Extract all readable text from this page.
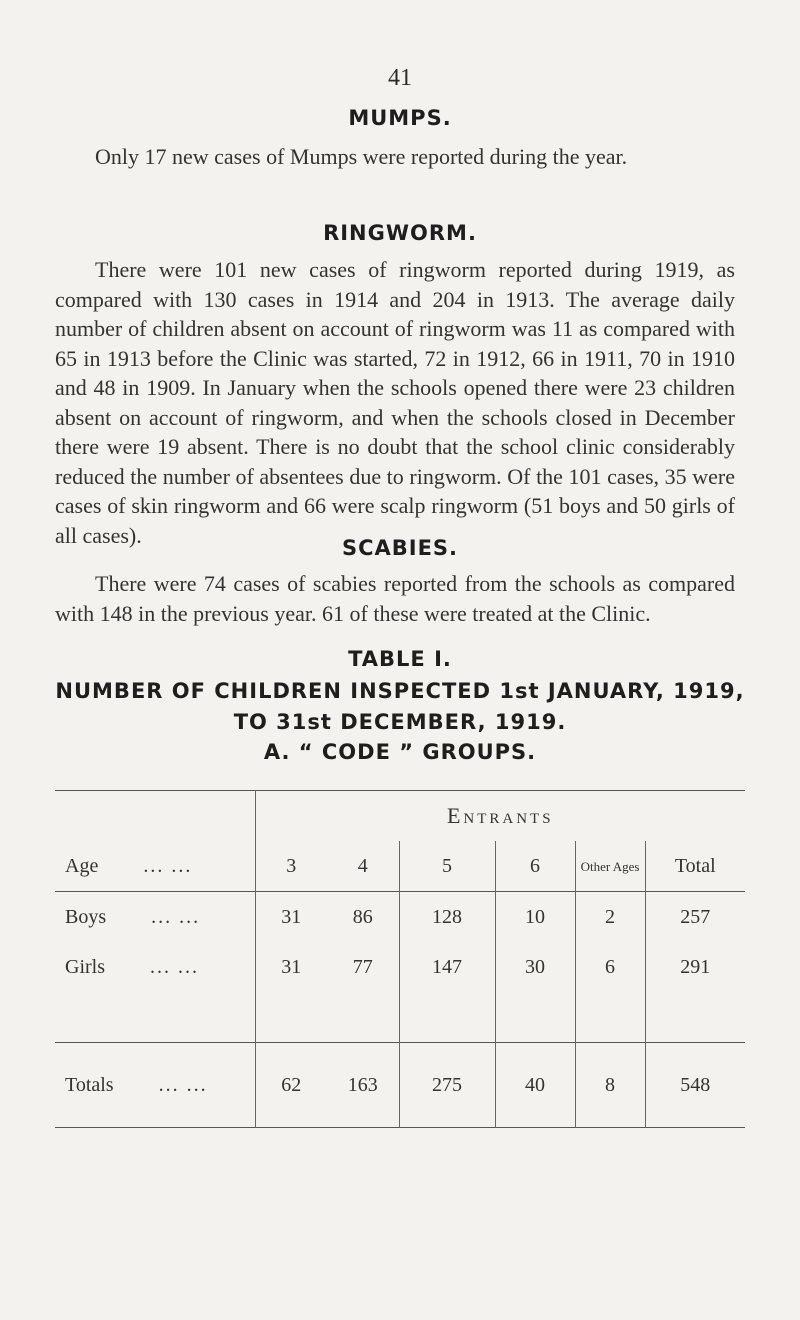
41
MUMPS.
Only 17 new cases of Mumps were reported during the year.
RINGWORM.
There were 101 new cases of ringworm reported during 1919, as compared with 130 cases in 1914 and 204 in 1913. The average daily number of children absent on account of ringworm was 11 as compared with 65 in 1913 before the Clinic was started, 72 in 1912, 66 in 1911, 70 in 1910 and 48 in 1909. In January when the schools opened there were 23 children absent on account of ringworm, and when the schools closed in December there were 19 absent. There is no doubt that the school clinic considerably reduced the number of absentees due to ringworm. Of the 101 cases, 35 were cases of skin ringworm and 66 were scalp ringworm (51 boys and 50 girls of all cases).
SCABIES.
There were 74 cases of scabies reported from the schools as compared with 148 in the previous year. 61 of these were treated at the Clinic.
TABLE I.
NUMBER OF CHILDREN INSPECTED 1st JANUARY, 1919,
TO 31st DECEMBER, 1919.
A. “ CODE ” GROUPS.
	Entrants					
Age ... ...	3	4	5	6	Other Ages	Total
Boys ... ...	31	86	128	10	2	257
Girls ... ...	31	77	147	30	6	291

Totals ... ...	62	163	275	40	8	548
